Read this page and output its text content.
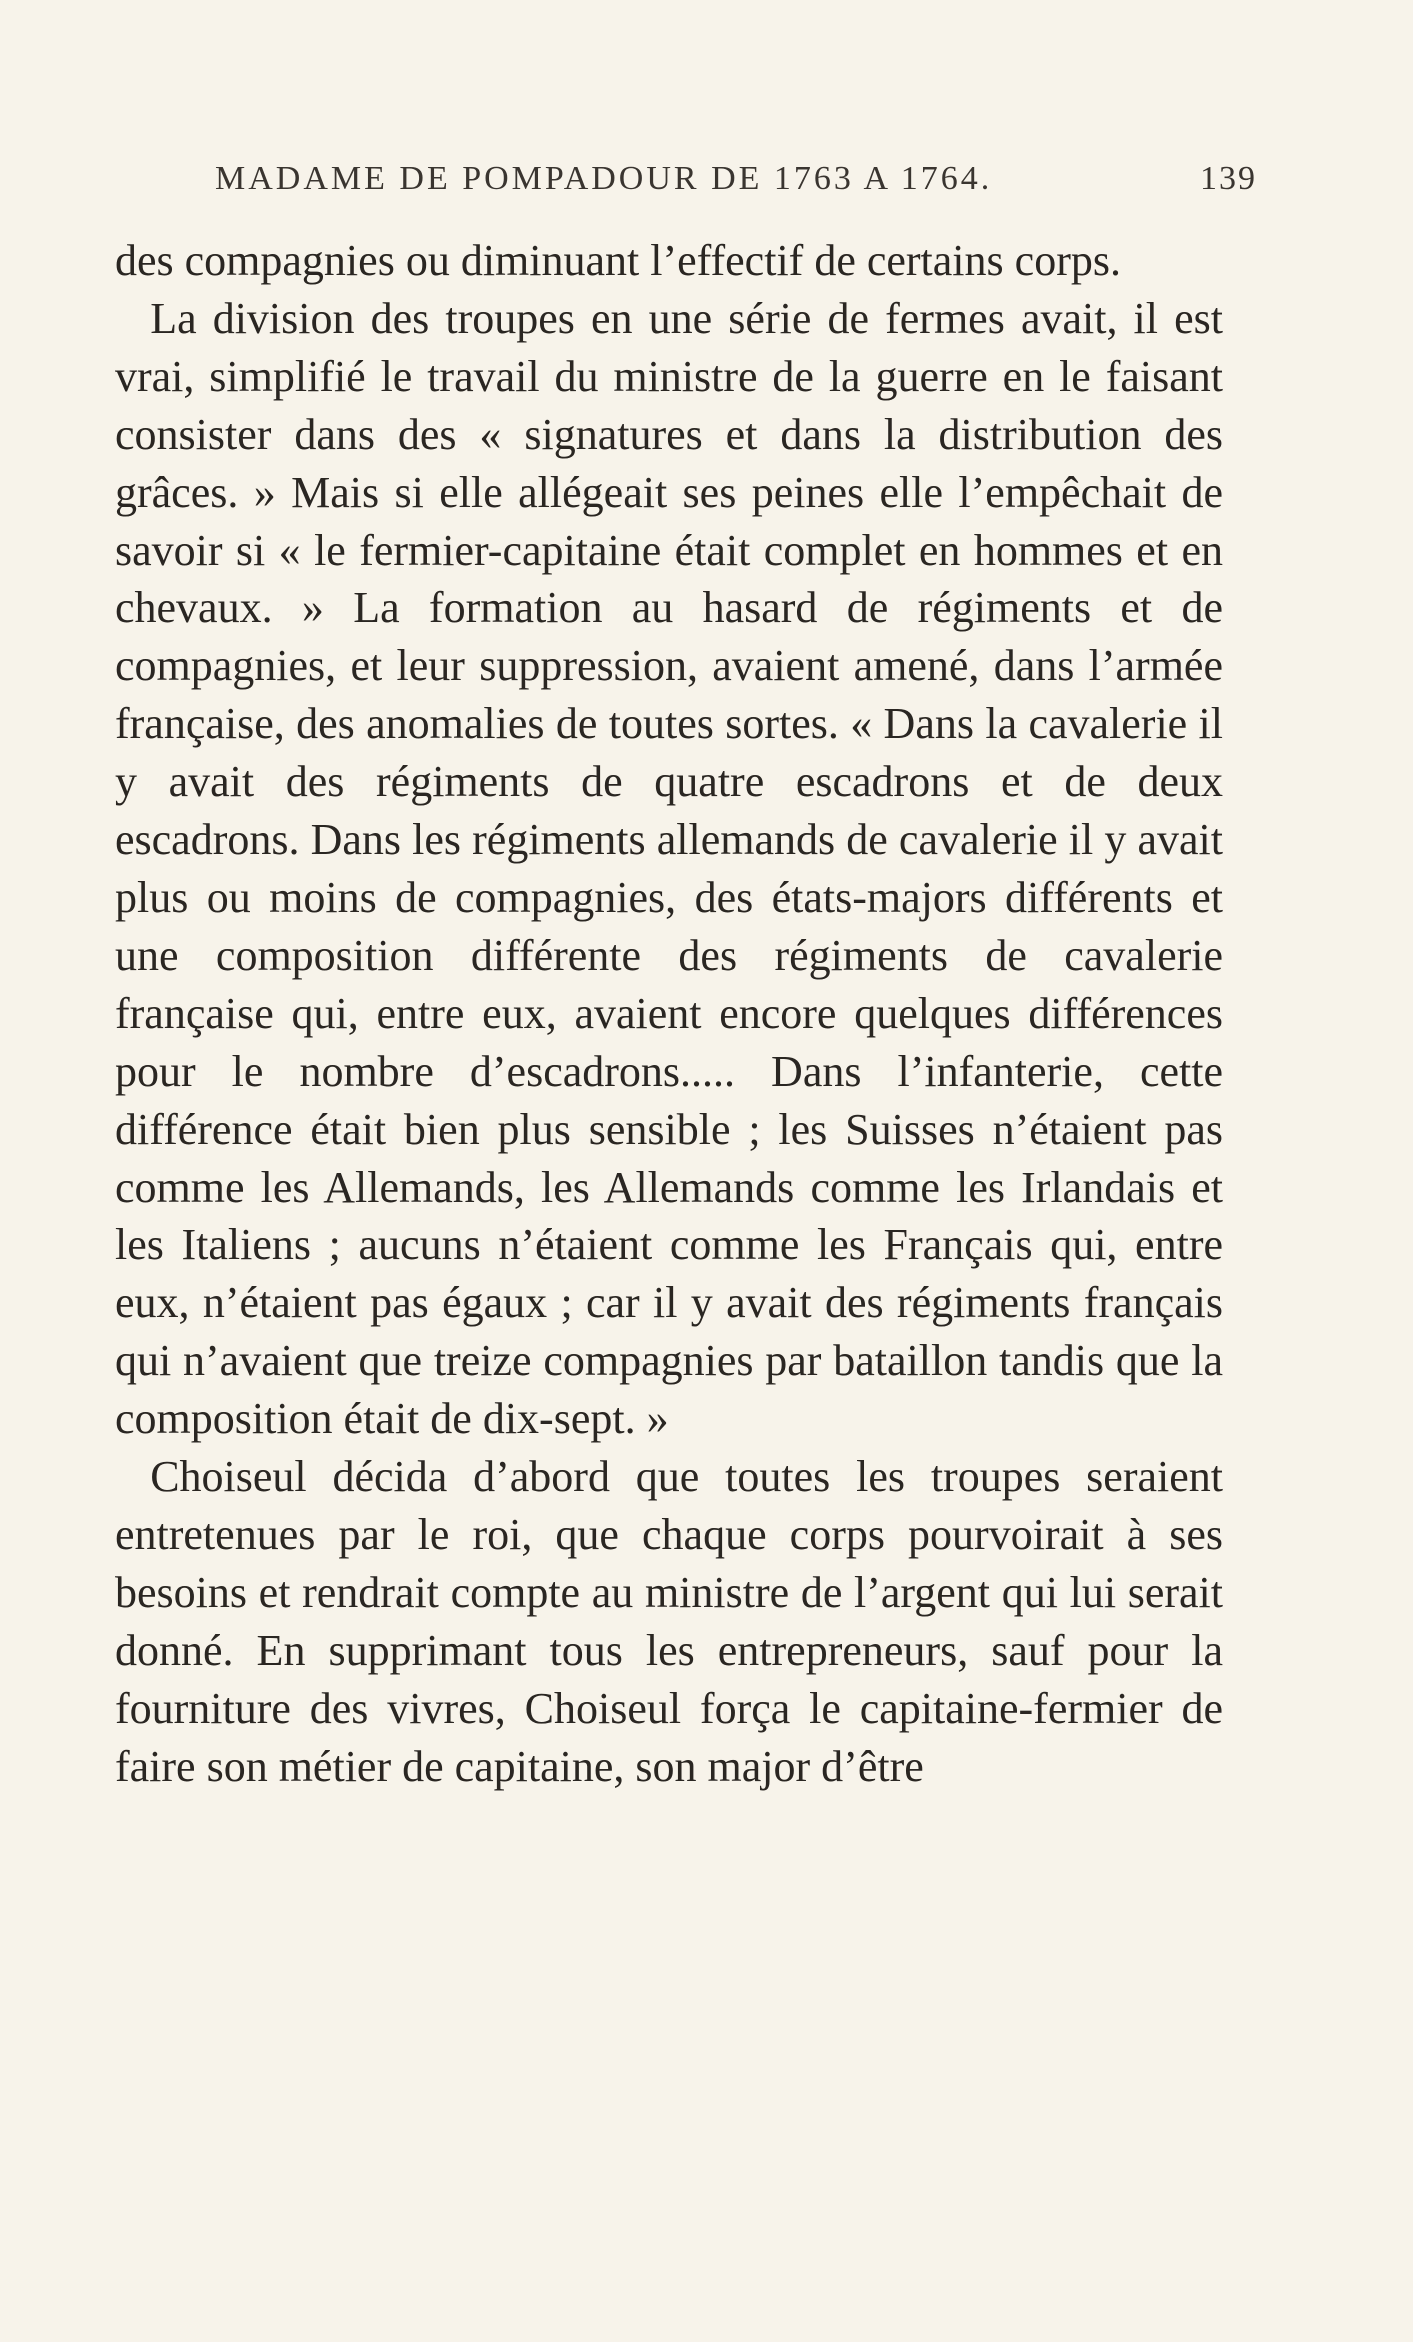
MADAME DE POMPADOUR DE 1763 A 1764.	139

des compagnies ou diminuant l’effectif de certains corps.

La division des troupes en une série de fermes avait, il est vrai, simplifié le travail du ministre de la guerre en le faisant consister dans des « signatures et dans la distribution des grâces. » Mais si elle allégeait ses peines elle l’empêchait de savoir si « le fermier-capitaine était complet en hommes et en chevaux. » La formation au hasard de régiments et de compagnies, et leur suppression, avaient amené, dans l’armée française, des anomalies de toutes sortes. « Dans la cavalerie il y avait des régiments de quatre escadrons et de deux escadrons. Dans les régiments allemands de cavalerie il y avait plus ou moins de compagnies, des états-majors différents et une composition différente des régiments de cavalerie française qui, entre eux, avaient encore quelques différences pour le nombre d’escadrons..... Dans l’infanterie, cette différence était bien plus sensible ; les Suisses n’étaient pas comme les Allemands, les Allemands comme les Irlandais et les Italiens ; aucuns n’étaient comme les Français qui, entre eux, n’étaient pas égaux ; car il y avait des régiments français qui n’avaient que treize compagnies par bataillon tandis que la composition était de dix-sept. »

Choiseul décida d’abord que toutes les troupes seraient entretenues par le roi, que chaque corps pourvoirait à ses besoins et rendrait compte au ministre de l’argent qui lui serait donné. En supprimant tous les entrepreneurs, sauf pour la fourniture des vivres, Choiseul força le capitaine-fermier de faire son métier de capitaine, son major d’être
